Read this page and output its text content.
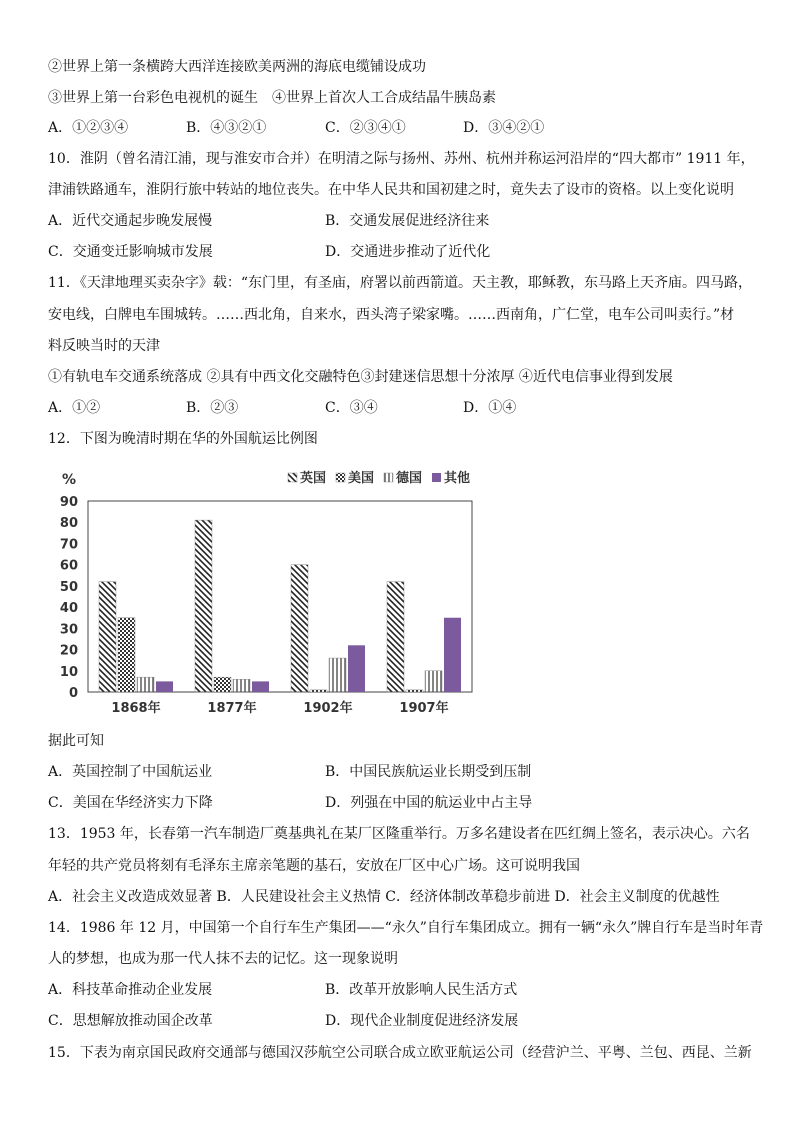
②世界上第一条横跨大西洋连接欧美两洲的海底电缆铺设成功
③世界上第一台彩色电视机的诞生　④世界上首次人工合成结晶牛胰岛素
A．①②③④	B．④③②①	C．②③④①	D．③④②①
10．淮阴（曾名清江浦，现与淮安市合并）在明清之际与扬州、苏州、杭州并称运河沿岸的“四大都市” 1911 年，
津浦铁路通车，淮阴行旅中转站的地位丧失。在中华人民共和国初建之时，竟失去了设市的资格。以上变化说明
A．近代交通起步晚发展慢	B．交通发展促进经济往来
C．交通变迁影响城市发展	D．交通进步推动了近代化
11．《天津地理买卖杂字》载：“东门里，有圣庙，府署以前西箭道。天主教，耶稣教，东马路上天齐庙。四马路，
安电线，白牌电车围城转。……西北角，自来水，西头湾子梁家嘴。……西南角，广仁堂，电车公司叫卖行。”材
料反映当时的天津
①有轨电车交通系统落成 ②具有中西文化交融特色③封建迷信思想十分浓厚 ④近代电信事业得到发展
A．①②	B．②③	C．③④	D．①④
12．下图为晚清时期在华的外国航运比例图
%	英国 美国 德国 其他
0
10
20
30
40
50
60
70
80
90
1868年	1877年	1902年	1907年
据此可知
A．英国控制了中国航运业	B．中国民族航运业长期受到压制
C．美国在华经济实力下降	D．列强在中国的航运业中占主导
13．1953 年，长春第一汽车制造厂奠基典礼在某厂区隆重举行。万多名建设者在匹红绸上签名，表示决心。六名
年轻的共产党员将刻有毛泽东主席亲笔题的基石，安放在厂区中心广场。这可说明我国
A．社会主义改造成效显著 B．人民建设社会主义热情 C．经济体制改革稳步前进 D．社会主义制度的优越性
14．1986 年 12 月，中国第一个自行车生产集团——“永久”自行车集团成立。拥有一辆“永久”牌自行车是当时年青
人的梦想，也成为那一代人抹不去的记忆。这一现象说明
A．科技革命推动企业发展	B．改革开放影响人民生活方式
C．思想解放推动国企改革	D．现代企业制度促进经济发展
15．下表为南京国民政府交通部与德国汉莎航空公司联合成立欧亚航运公司（经营沪兰、平粤、兰包、西昆、兰新
